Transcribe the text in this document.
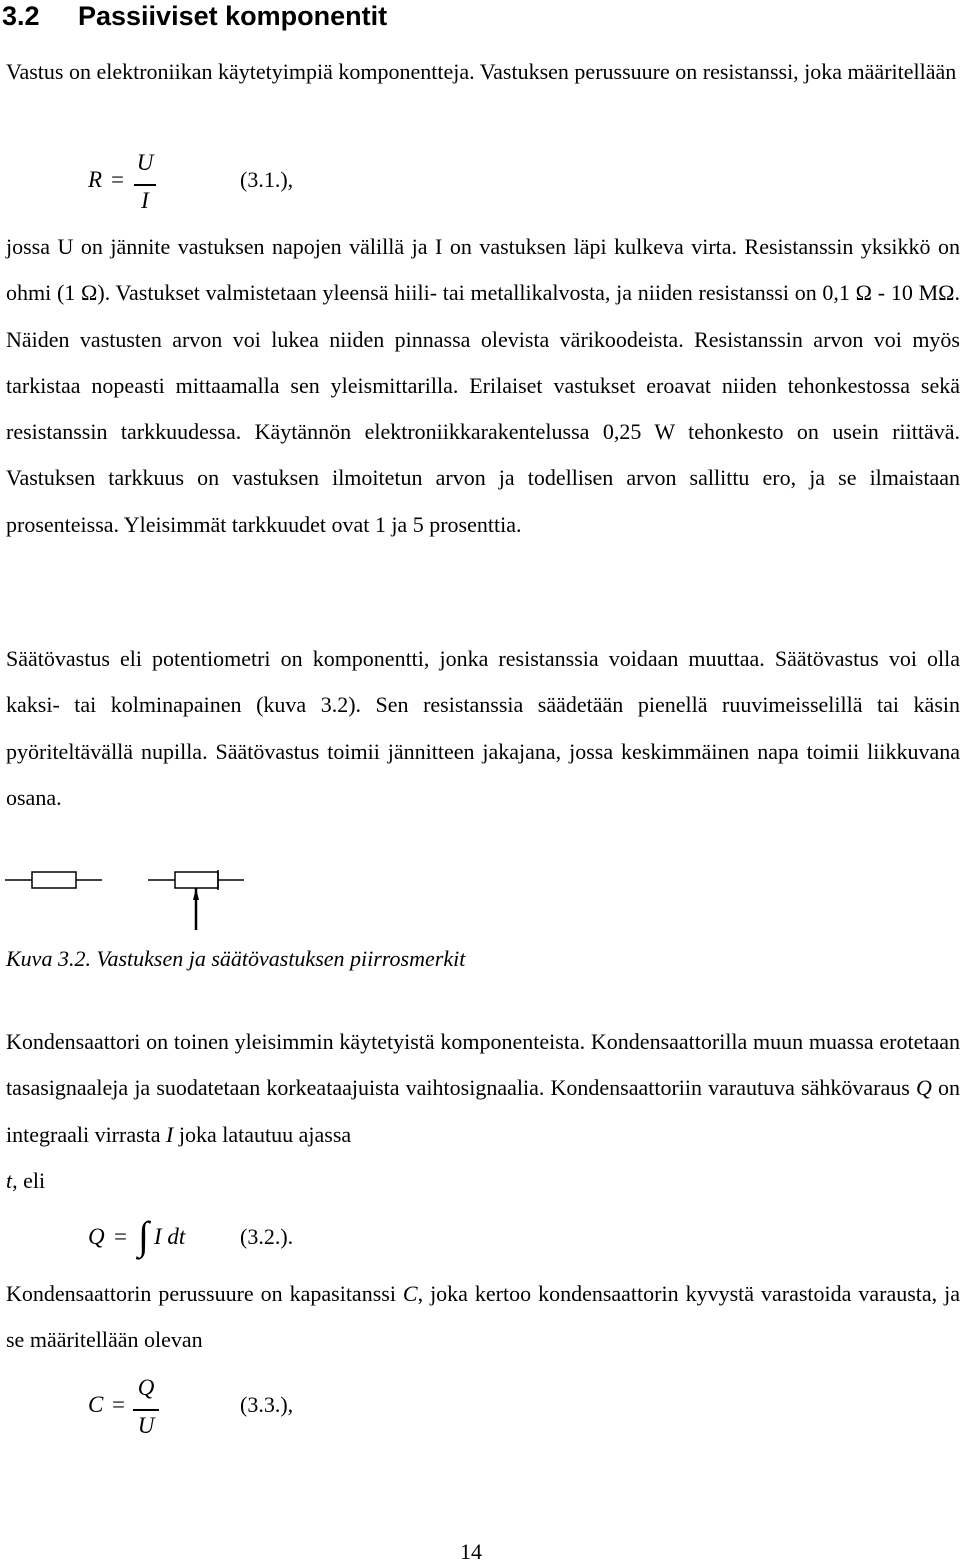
3.2 Passiiviset komponentit

Vastus on elektroniikan käytetyimpiä komponentteja. Vastuksen perussuure on resistanssi, joka määritellään

R =
U
I
(3.1.),

jossa U on jännite vastuksen napojen välillä ja I on vastuksen läpi kulkeva virta. Resistanssin yksikkö on ohmi (1 Ω). Vastukset valmistetaan yleensä hiili- tai metallikalvosta, ja niiden resistanssi on 0,1 Ω - 10 MΩ. Näiden vastusten arvon voi lukea niiden pinnassa olevista värikoodeista. Resistanssin arvon voi myös tarkistaa nopeasti mittaamalla sen yleismittarilla. Erilaiset vastukset eroavat niiden tehonkestossa sekä resistanssin tarkkuudessa. Käytännön elektroniikkarakentelussa 0,25 W tehonkesto on usein riittävä. Vastuksen tarkkuus on vastuksen ilmoitetun arvon ja todellisen arvon sallittu ero, ja se ilmaistaan prosenteissa. Yleisimmät tarkkuudet ovat 1 ja 5 prosenttia.

Säätövastus eli potentiometri on komponentti, jonka resistanssia voidaan muuttaa. Säätövastus voi olla kaksi- tai kolminapainen (kuva 3.2). Sen resistanssia säädetään pienellä ruuvimeisselillä tai käsin pyöriteltävällä nupilla. Säätövastus toimii jännitteen jakajana, jossa keskimmäinen napa toimii liikkuvana osana.

Kuva 3.2. Vastuksen ja säätövastuksen piirrosmerkit

Kondensaattori on toinen yleisimmin käytetyistä komponenteista. Kondensaattorilla muun muassa erotetaan tasasignaaleja ja suodatetaan korkeataajuista vaihtosignaalia. Kondensaattoriin varautuva sähkövaraus Q on integraali virrasta I joka latautuu ajassa
t, eli

Q = ∫ I dt (3.2.).

Kondensaattorin perussuure on kapasitanssi C, joka kertoo kondensaattorin kyvystä varastoida varausta, ja se määritellään olevan

C =
Q
U
(3.3.),
14
